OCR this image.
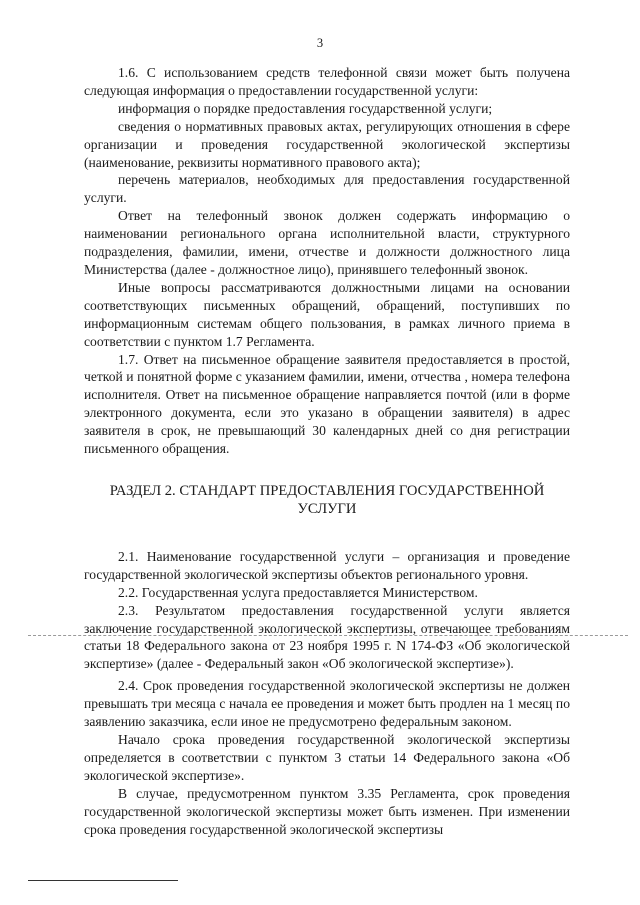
3

1.6. С использованием средств телефонной связи может быть получена следующая информация о предоставлении государственной услуги:

информация о порядке предоставления государственной услуги;

сведения о нормативных правовых актах, регулирующих отношения в сфере организации и проведения государственной экологической экспертизы (наименование, реквизиты нормативного правового акта);

перечень материалов, необходимых для предоставления государственной услуги.

Ответ на телефонный звонок должен содержать информацию о наименовании регионального органа исполнительной власти, структурного подразделения, фамилии, имени, отчестве и должности должностного лица Министерства (далее - должностное лицо), принявшего телефонный звонок.

Иные вопросы рассматриваются должностными лицами на основании соответствующих письменных обращений, обращений, поступивших по информационным системам общего пользования, в рамках личного приема в соответствии с пунктом 1.7 Регламента.

1.7. Ответ на письменное обращение заявителя предоставляется в простой, четкой и понятной форме с указанием фамилии, имени, отчества , номера телефона исполнителя. Ответ на письменное обращение направляется почтой (или в форме электронного документа, если это указано в обращении заявителя) в адрес заявителя в срок, не превышающий 30 календарных дней со дня регистрации письменного обращения.

РАЗДЕЛ 2. СТАНДАРТ ПРЕДОСТАВЛЕНИЯ ГОСУДАРСТВЕННОЙ УСЛУГИ

2.1. Наименование государственной услуги – организация и проведение государственной экологической экспертизы объектов регионального уровня.

2.2. Государственная услуга предоставляется Министерством.

2.3. Результатом предоставления государственной услуги является заключение государственной экологической экспертизы, отвечающее требованиям статьи 18 Федерального закона от 23 ноября 1995 г. N 174-ФЗ «Об экологической экспертизе» (далее - Федеральный закон «Об экологической экспертизе»).

2.4. Срок проведения государственной экологической экспертизы не должен превышать три месяца с начала ее проведения и может быть продлен на 1 месяц по заявлению заказчика, если иное не предусмотрено федеральным законом.

Начало срока проведения государственной экологической экспертизы определяется в соответствии с пунктом 3 статьи 14 Федерального закона «Об экологической экспертизе».

В случае, предусмотренном пунктом 3.35 Регламента, срок проведения государственной экологической экспертизы может быть изменен. При изменении срока проведения государственной экологической экспертизы
